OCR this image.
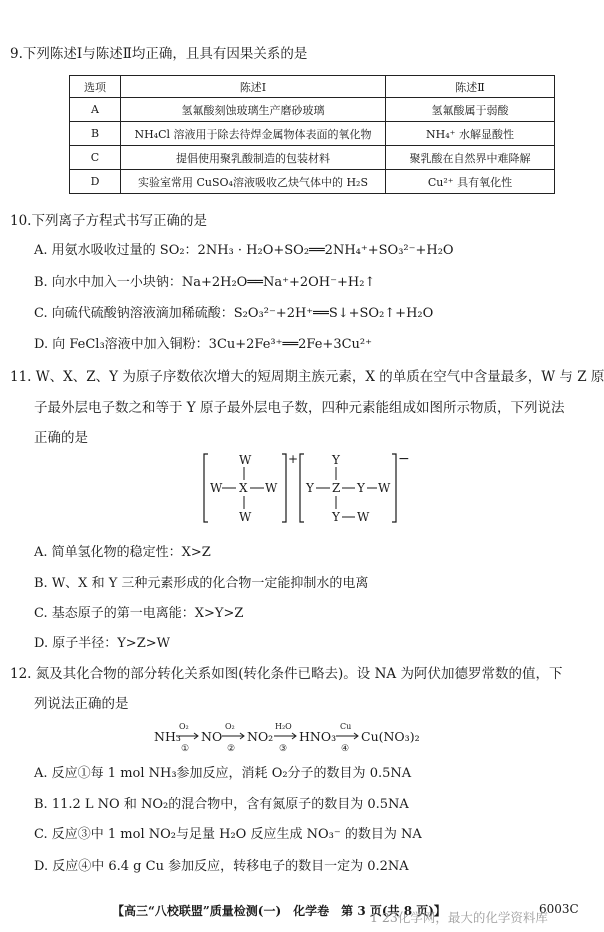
9.下列陈述Ⅰ与陈述Ⅱ均正确，且具有因果关系的是
选项	陈述Ⅰ	陈述Ⅱ
A	氢氟酸刻蚀玻璃生产磨砂玻璃	氢氟酸属于弱酸
B	NH₄Cl 溶液用于除去待焊金属物体表面的氧化物	NH₄⁺ 水解显酸性
C	提倡使用聚乳酸制造的包装材料	聚乳酸在自然界中难降解
D	实验室常用 CuSO₄溶液吸收乙炔气体中的 H₂S	Cu²⁺ 具有氧化性
10.下列离子方程式书写正确的是
A. 用氨水吸收过量的 SO₂：2NH₃ · H₂O+SO₂══2NH₄⁺+SO₃²⁻+H₂O
B. 向水中加入一小块钠：Na+2H₂O══Na⁺+2OH⁻+H₂↑
C. 向硫代硫酸钠溶液滴加稀硫酸：S₂O₃²⁻+2H⁺══S↓+SO₂↑+H₂O
D. 向 FeCl₃溶液中加入铜粉：3Cu+2Fe³⁺══2Fe+3Cu²⁺
11. W、X、Z、Y 为原子序数依次增大的短周期主族元素，X 的单质在空气中含量最多，W 与 Z 原
子最外层电子数之和等于 Y 原子最外层电子数，四种元素能组成如图所示物质，下列说法
正确的是
+
W
W X W
W
−
Y
Y Z Y W
Y W
A. 简单氢化物的稳定性：X>Z
B. W、X 和 Y 三种元素形成的化合物一定能抑制水的电离
C. 基态原子的第一电离能：X>Y>Z
D. 原子半径：Y>Z>W
12. 氮及其化合物的部分转化关系如图(转化条件已略去)。设 NA 为阿伏加德罗常数的值，下
列说法正确的是
NH₃
O₂
①
NO
O₂
②
NO₂
H₂O
③
HNO₃
Cu
④
Cu(NO₃)₂
A. 反应①每 1 mol NH₃参加反应，消耗 O₂分子的数目为 0.5NA
B. 11.2 L NO 和 NO₂的混合物中，含有氮原子的数目为 0.5NA
C. 反应③中 1 mol NO₂与足量 H₂O 反应生成 NO₃⁻ 的数目为 NA
D. 反应④中 6.4 g Cu 参加反应，转移电子的数目一定为 0.2NA
【高三“八校联盟”质量检测(一)　化学卷　第 3 页(共 8 页)】	6003C
1 23化学网，最大的化学资料库
